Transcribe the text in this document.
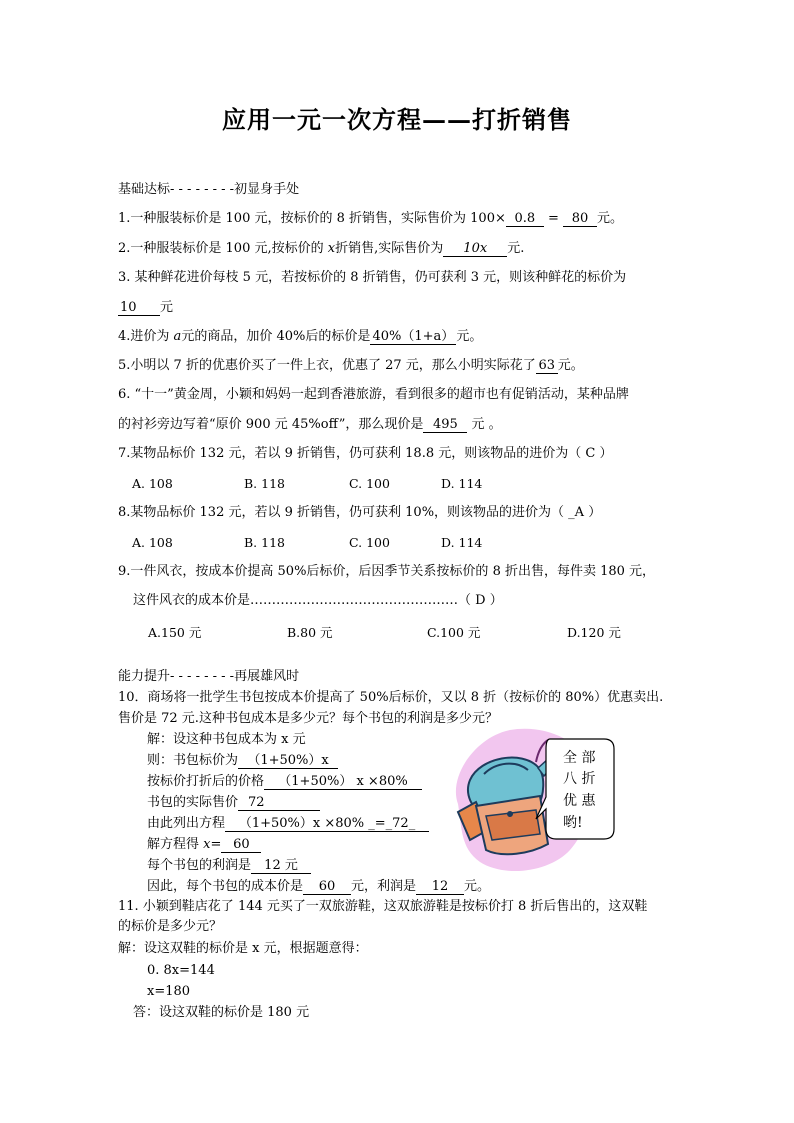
应用一元一次方程——打折销售
基础达标- - - - - - - -初显身手处
1.一种服装标价是 100 元，按标价的 8 折销售，实际售价为 100× 0.8 = 80 元。
2.一种服装标价是 100 元,按标价的 x折销售,实际售价为 10x 元.
3. 某种鲜花进价每枝 5 元，若按标价的 8 折销售，仍可获利 3 元，则该种鲜花的标价为
10 元
4.进价为 a元的商品，加价 40%后的标价是 40%（1+a） 元。
5.小明以 7 折的优惠价买了一件上衣，优惠了 27 元，那么小明实际花了 63 元。
6. “十一”黄金周，小颖和妈妈一起到香港旅游，看到很多的超市也有促销活动，某种品牌
的衬衫旁边写着“原价 900 元 45%off”，那么现价是 495 元 。
7.某物品标价 132 元，若以 9 折销售，仍可获利 18.8 元，则该物品的进价为（ C ）
A. 108	B. 118	C. 100	D. 114
8.某物品标价 132 元，若以 9 折销售，仍可获利 10%，则该物品的进价为（ _A ）
A. 108	B. 118	C. 100	D. 114
9.一件风衣，按成本价提高 50%后标价，后因季节关系按标价的 8 折出售，每件卖 180 元，
这件风衣的成本价是…………………………………………（ D ）
A.150 元	B.80 元	C.100 元	D.120 元
能力提升- - - - - - - -再展雄风时
10．商场将一批学生书包按成本价提高了 50%后标价，又以 8 折（按标价的 80%）优惠卖出.
售价是 72 元.这种书包成本是多少元？每个书包的利润是多少元？
解：设这种书包成本为 x 元
则：书包标价为 （1+50%）x
按标价打折后的价格 （1+50%） x ×80%
书包的实际售价 72
由此列出方程 （1+50%）x ×80% _=_72_
解方程得 x= 60
每个书包的利润是 12 元
因此，每个书包的成本价是 60 元，利润是 12 元。
11. 小颖到鞋店花了 144 元买了一双旅游鞋，这双旅游鞋是按标价打 8 折后售出的，这双鞋
的标价是多少元？
解：设这双鞋的标价是 x 元，根据题意得：
0. 8x=144
x=180
答：设这双鞋的标价是 180 元
全 部
八 折
优 惠
哟!
